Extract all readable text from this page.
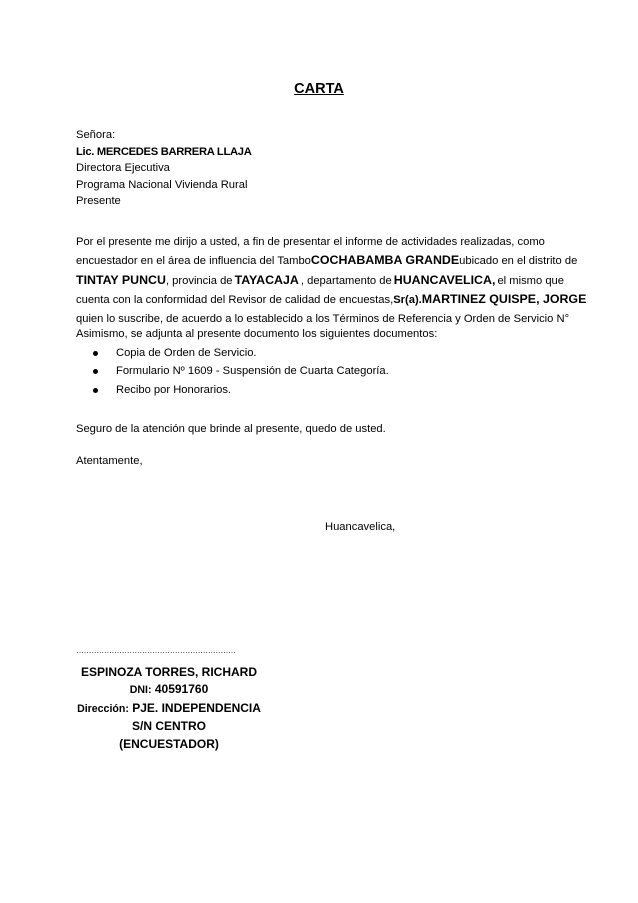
CARTA
Señora:
Lic. MERCEDES BARRERA LLAJA
Directora Ejecutiva
Programa Nacional Vivienda Rural
Presente
Por el presente me dirijo a usted, a fin de presentar el informe de actividades realizadas, como
encuestador en el área de influencia del Tambo COCHABAMBA GRANDE ubicado en el distrito de
TINTAY PUNCU, provincia de TAYACAJA , departamento de HUANCAVELICA, el mismo que
cuenta con la conformidad del Revisor de calidad de encuestas, Sr(a). MARTINEZ QUISPE, JORGE
quien lo suscribe, de acuerdo a lo establecido a los Términos de Referencia y Orden de Servicio N°
Asimismo, se adjunta al presente documento los siguientes documentos:
Copia de Orden de Servicio.
Formulario Nº 1609 - Suspensión de Cuarta Categoría.
Recibo por Honorarios.
Seguro de la atención que brinde al presente, quedo de usted.
Atentamente,
Huancavelica,
………………………………………………………
ESPINOZA TORRES, RICHARD
DNI: 40591760
Dirección: PJE. INDEPENDENCIA
S/N CENTRO
(ENCUESTADOR)
